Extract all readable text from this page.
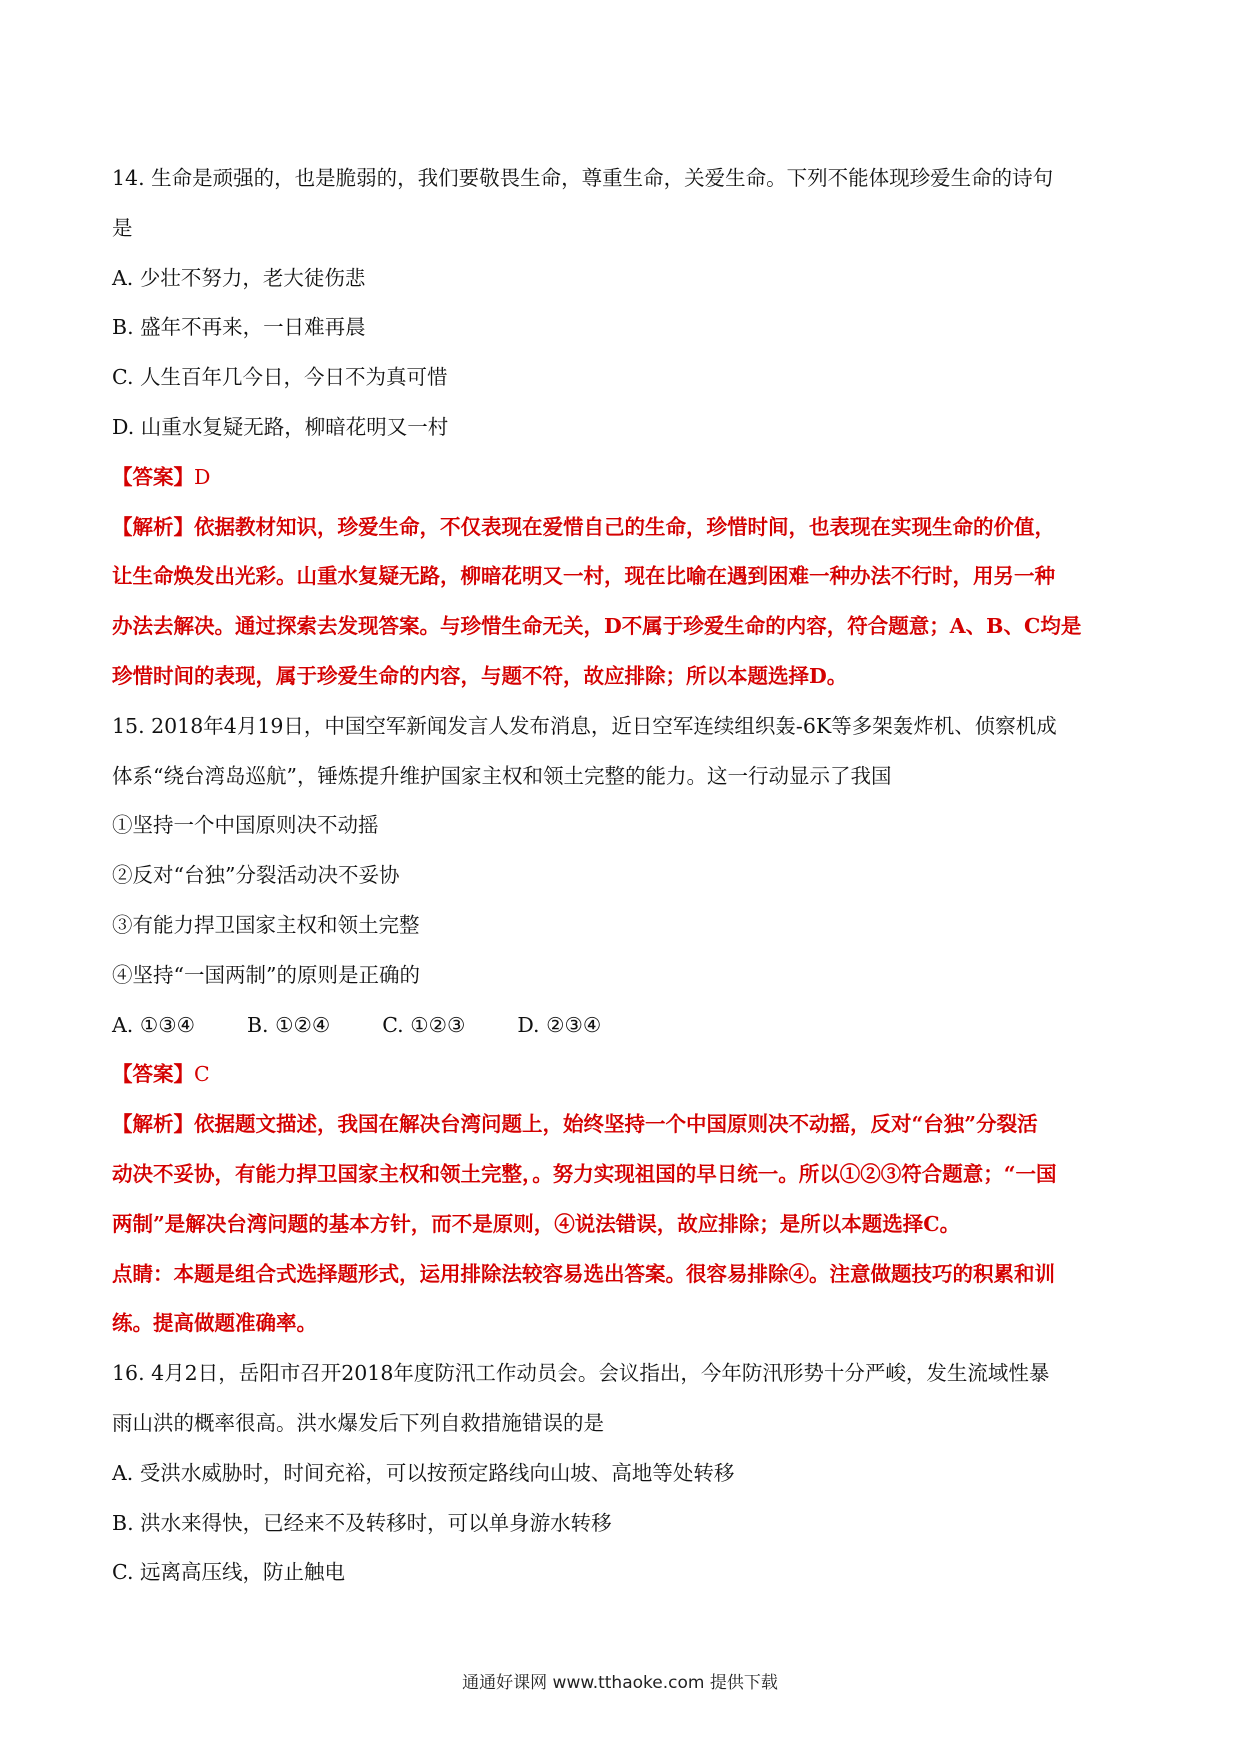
14. 生命是顽强的，也是脆弱的，我们要敬畏生命，尊重生命，关爱生命。下列不能体现珍爱生命的诗句
是
A. 少壮不努力，老大徒伤悲
B. 盛年不再来，一日难再晨
C. 人生百年几今日，今日不为真可惜
D. 山重水复疑无路，柳暗花明又一村
【答案】D
【解析】依据教材知识，珍爱生命，不仅表现在爱惜自己的生命，珍惜时间，也表现在实现生命的价值，
让生命焕发出光彩。山重水复疑无路，柳暗花明又一村，现在比喻在遇到困难一种办法不行时，用另一种
办法去解决。通过探索去发现答案。与珍惜生命无关，D不属于珍爱生命的内容，符合题意；A、B、C均是
珍惜时间的表现，属于珍爱生命的内容，与题不符，故应排除；所以本题选择D。
15. 2018年4月19日，中国空军新闻发言人发布消息，近日空军连续组织轰-6K等多架轰炸机、侦察机成
体系“绕台湾岛巡航”，锤炼提升维护国家主权和领土完整的能力。这一行动显示了我国
①坚持一个中国原则决不动摇
②反对“台独”分裂活动决不妥协
③有能力捍卫国家主权和领土完整
④坚持“一国两制”的原则是正确的
A. ①③④	B. ①②④	C. ①②③	D. ②③④
【答案】C
【解析】依据题文描述，我国在解决台湾问题上，始终坚持一个中国原则决不动摇，反对“台独”分裂活
动决不妥协，有能力捍卫国家主权和领土完整，。努力实现祖国的早日统一。所以①②③符合题意；“一国
两制”是解决台湾问题的基本方针，而不是原则，④说法错误，故应排除；是所以本题选择C。
点睛：本题是组合式选择题形式，运用排除法较容易选出答案。很容易排除④。注意做题技巧的积累和训
练。提高做题准确率。
16. 4月2日，岳阳市召开2018年度防汛工作动员会。会议指出，今年防汛形势十分严峻，发生流域性暴
雨山洪的概率很高。洪水爆发后下列自救措施错误的是
A. 受洪水威胁时，时间充裕，可以按预定路线向山坡、高地等处转移
B. 洪水来得快，已经来不及转移时，可以单身游水转移
C. 远离高压线，防止触电
通通好课网 www.tthaoke.com 提供下载
